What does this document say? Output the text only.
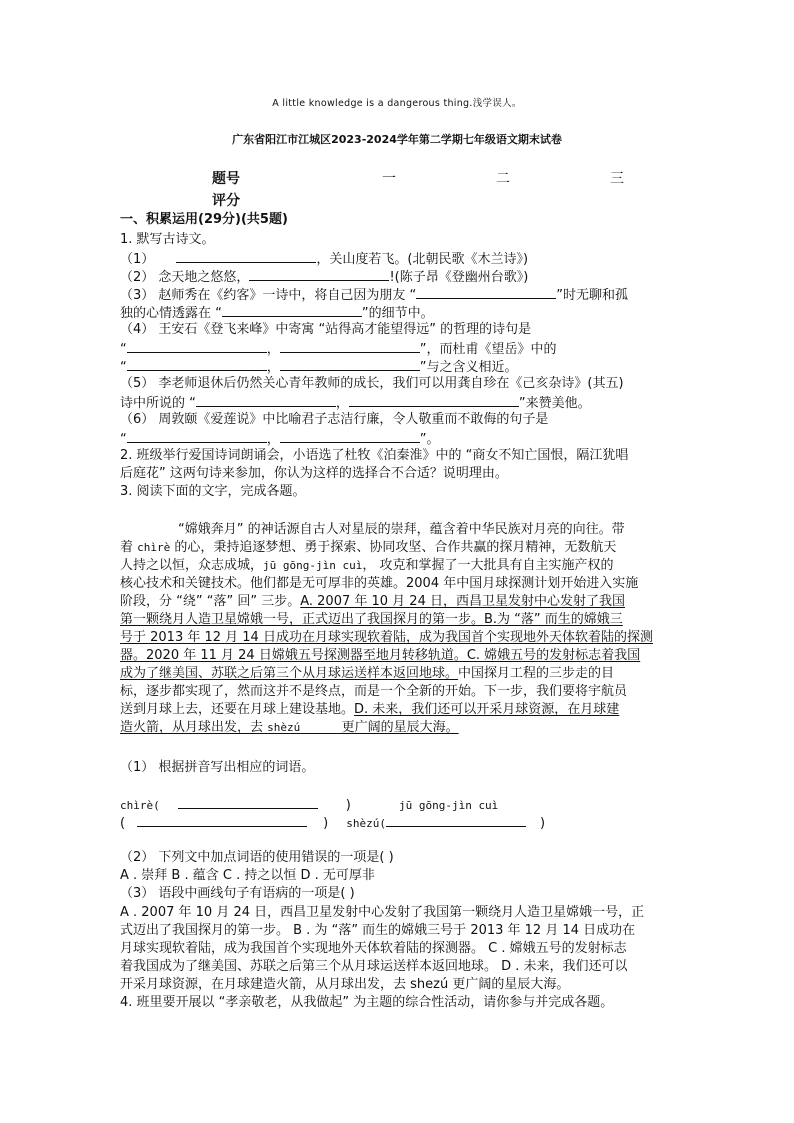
A little knowledge is a dangerous thing.浅学误人。
广东省阳江市江城区2023-2024学年第二学期七年级语文期末试卷
题号	一	二	三
评分
一、积累运用(29分)(共5题)
1. 默写古诗文。
（1）	，关山度若飞。(北朝民歌《木兰诗》)
（2） 念天地之悠悠，	!(陈子昂《登幽州台歌》)
（3） 赵师秀在《约客》一诗中，将自己因为朋友 “	”时无聊和孤
独的心情透露在 “	”的细节中。
（4） 王安石《登飞来峰》中寄寓 “站得高才能望得远” 的哲理的诗句是
“	，	”，而杜甫《望岳》中的
“	，	”与之含义相近。
（5） 李老师退休后仍然关心青年教师的成长，我们可以用龚自珍在《己亥杂诗》(其五)
诗中所说的 “	，	”来赞美他。
（6） 周敦颐《爱莲说》中比喻君子志洁行廉，令人敬重而不敢侮的句子是
“	，	”。
2. 班级举行爱国诗词朗诵会，小语选了杜牧《泊秦淮》中的 “商女不知亡国恨，隔江犹唱
后庭花” 这两句诗来参加，你认为这样的选择合不合适？说明理由。
3. 阅读下面的文字，完成各题。
“嫦娥奔月” 的神话源自古人对星辰的崇拜，蕴含着中华民族对月亮的向往。带
着 chìrè 的心，秉持追逐梦想、勇于探索、协同攻坚、合作共赢的探月精神，无数航天
人持之以恒，众志成城，jū gōng-jìn cuì， 攻克和掌握了一大批具有自主实施产权的
核心技术和关键技术。他们都是无可厚非的英雄。2004 年中国月球探测计划开始进入实施
阶段，分 “绕” “落” 回” 三步。A. 2007 年 10 月 24 日，西昌卫星发射中心发射了我国
第一颗绕月人造卫星嫦娥一号，正式迈出了我国探月的第一步。B.为 “落” 而生的嫦娥三
号于 2013 年 12 月 14 日成功在月球实现软着陆，成为我国首个实现地外天体软着陆的探测
器。2020 年 11 月 24 日嫦娥五号探测器至地月转移轨道。C. 嫦娥五号的发射标志着我国
成为了继美国、苏联之后第三个从月球运送样本返回地球。中国探月工程的三步走的目
标，逐步都实现了，然而这并不是终点，而是一个全新的开始。下一步，我们要将宇航员
送到月球上去，还要在月球上建设基地。D. 未来，我们还可以开采月球资源，在月球建
造火箭，从月球出发，去 shèzú          更广阔的星辰大海。
（1） 根据拼音写出相应的词语。
chìrè(	)	jū gōng-jìn cuì
(	) shèzú(	)
（2） 下列文中加点词语的使用错误的一项是( )
A . 崇拜 B . 蕴含 C . 持之以恒 D . 无可厚非
（3） 语段中画线句子有语病的一项是( )
A . 2007 年 10 月 24 日，西昌卫星发射中心发射了我国第一颗绕月人造卫星嫦娥一号，正
式迈出了我国探月的第一步。 B . 为 “落” 而生的嫦娥三号于 2013 年 12 月 14 日成功在
月球实现软着陆，成为我国首个实现地外天体软着陆的探测器。 C . 嫦娥五号的发射标志
着我国成为了继美国、苏联之后第三个从月球运送样本返回地球。 D . 未来，我们还可以
开采月球资源，在月球建造火箭，从月球出发，去 shezú 更广阔的星辰大海。
4. 班里要开展以 “孝亲敬老，从我做起” 为主题的综合性活动，请你参与并完成各题。
